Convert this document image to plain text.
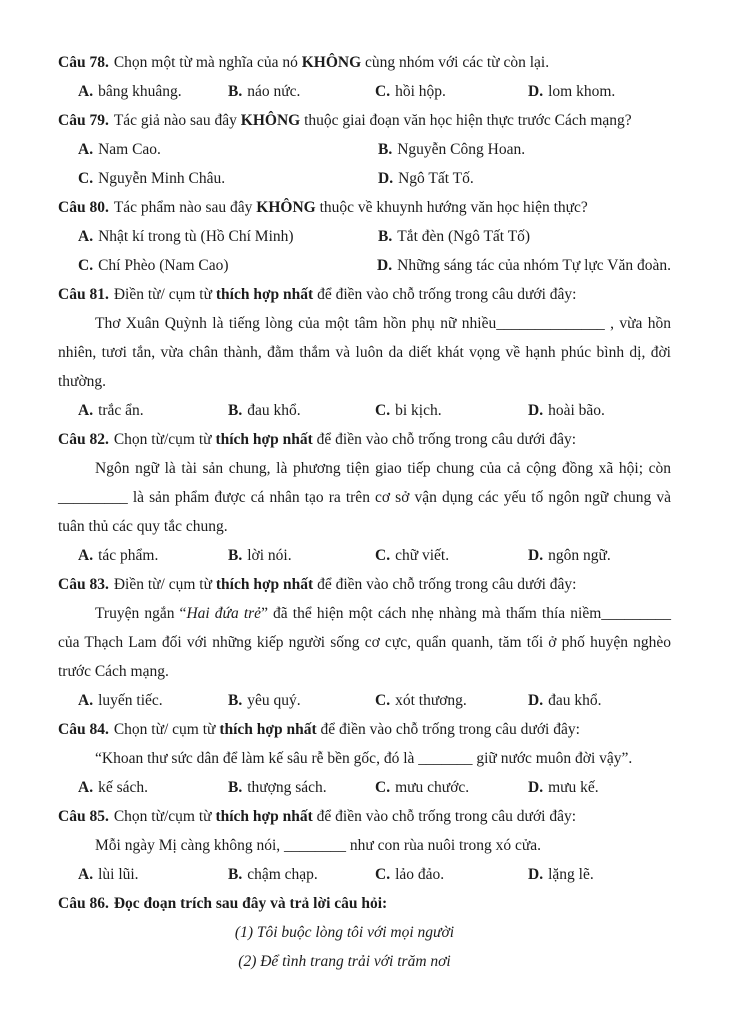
Câu 78. Chọn một từ mà nghĩa của nó KHÔNG cùng nhóm với các từ còn lại.

A. bâng khuâng.	B. náo nức.	C. hồi hộp.	D. lom khom.

Câu 79. Tác giả nào sau đây KHÔNG thuộc giai đoạn văn học hiện thực trước Cách mạng?

A. Nam Cao.	B. Nguyễn Công Hoan.
C. Nguyễn Minh Châu.	D. Ngô Tất Tố.

Câu 80. Tác phẩm nào sau đây KHÔNG thuộc về khuynh hướng văn học hiện thực?

A. Nhật kí trong tù (Hồ Chí Minh)	B. Tắt đèn (Ngô Tất Tố)
C. Chí Phèo (Nam Cao)	D. Những sáng tác của nhóm Tự lực Văn đoàn.

Câu 81. Điền từ/ cụm từ thích hợp nhất để điền vào chỗ trống trong câu dưới đây:

Thơ Xuân Quỳnh là tiếng lòng của một tâm hồn phụ nữ nhiều______________ , vừa hồn nhiên, tươi tắn, vừa chân thành, đằm thắm và luôn da diết khát vọng về hạnh phúc bình dị, đời thường.

A. trắc ẩn.	B. đau khổ.	C. bi kịch.	D. hoài bão.

Câu 82. Chọn từ/cụm từ thích hợp nhất để điền vào chỗ trống trong câu dưới đây:

Ngôn ngữ là tài sản chung, là phương tiện giao tiếp chung của cả cộng đồng xã hội; còn _________ là sản phẩm được cá nhân tạo ra trên cơ sở vận dụng các yếu tố ngôn ngữ chung và tuân thủ các quy tắc chung.

A. tác phẩm.	B. lời nói.	C. chữ viết.	D. ngôn ngữ.

Câu 83. Điền từ/ cụm từ thích hợp nhất để điền vào chỗ trống trong câu dưới đây:

Truyện ngắn “Hai đứa trẻ” đã thể hiện một cách nhẹ nhàng mà thấm thía niềm_________ của Thạch Lam đối với những kiếp người sống cơ cực, quẩn quanh, tăm tối ở phố huyện nghèo trước Cách mạng.

A. luyến tiếc.	B. yêu quý.	C. xót thương.	D. đau khổ.

Câu 84. Chọn từ/ cụm từ thích hợp nhất để điền vào chỗ trống trong câu dưới đây:

“Khoan thư sức dân để làm kế sâu rễ bền gốc, đó là _______ giữ nước muôn đời vậy”.

A. kế sách.	B. thượng sách.	C. mưu chước.	D. mưu kế.

Câu 85. Chọn từ/cụm từ thích hợp nhất để điền vào chỗ trống trong câu dưới đây:

Mỗi ngày Mị càng không nói, ________ như con rùa nuôi trong xó cửa.

A. lùi lũi.	B. chậm chạp.	C. lảo đảo.	D. lặng lẽ.

Câu 86. Đọc đoạn trích sau đây và trả lời câu hỏi:

(1) Tôi buộc lòng tôi với mọi người

(2) Để tình trang trải với trăm nơi
